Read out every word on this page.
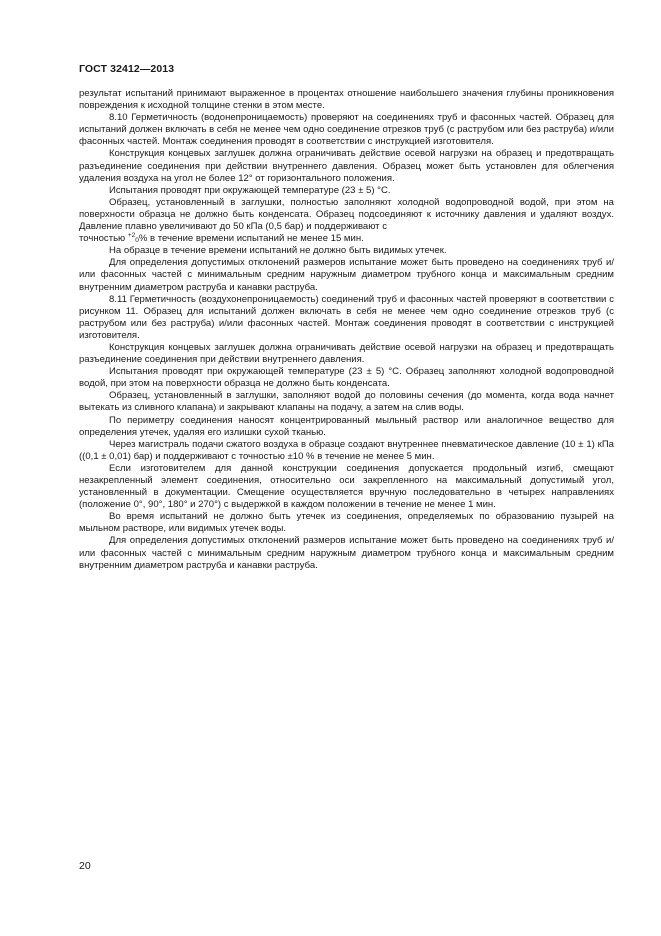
ГОСТ 32412—2013

результат испытаний принимают выраженное в процентах отношение наибольшего значения глубины проникновения повреждения к исходной толщине стенки в этом месте.

8.10 Герметичность (водонепроницаемость) проверяют на соединениях труб и фасонных частей. Образец для испытаний должен включать в себя не менее чем одно соединение отрезков труб (с раструбом или без раструба) и/или фасонных частей. Монтаж соединения проводят в соответствии с инструкцией изготовителя.

Конструкция концевых заглушек должна ограничивать действие осевой нагрузки на образец и предотвращать разъединение соединения при действии внутреннего давления. Образец может быть установлен для облегчения удаления воздуха на угол не более 12° от горизонтального положения.

Испытания проводят при окружающей температуре (23 ± 5) °С.

Образец, установленный в заглушки, полностью заполняют холодной водопроводной водой, при этом на поверхности образца не должно быть конденсата. Образец подсоединяют к источнику давления и удаляют воздух. Давление плавно увеличивают до 50 кПа (0,5 бар) и поддерживают с

точностью $^{+2}_0$% в течение времени испытаний не менее 15 мин.

На образце в течение времени испытаний не должно быть видимых утечек.

Для определения допустимых отклонений размеров испытание может быть проведено на соединениях труб и/или фасонных частей с минимальным средним наружным диаметром трубного конца и максимальным средним внутренним диаметром раструба и канавки раструба.

8.11 Герметичность (воздухонепроницаемость) соединений труб и фасонных частей проверяют в соответствии с рисунком 11. Образец для испытаний должен включать в себя не менее чем одно соединение отрезков труб (с раструбом или без раструба) и/или фасонных частей. Монтаж соединения проводят в соответствии с инструкцией изготовителя.

Конструкция концевых заглушек должна ограничивать действие осевой нагрузки на образец и предотвращать разъединение соединения при действии внутреннего давления.

Испытания проводят при окружающей температуре (23 ± 5) °С. Образец заполняют холодной водопроводной водой, при этом на поверхности образца не должно быть конденсата.

Образец, установленный в заглушки, заполняют водой до половины сечения (до момента, когда вода начнет вытекать из сливного клапана) и закрывают клапаны на подачу, а затем на слив воды.

По периметру соединения наносят концентрированный мыльный раствор или аналогичное вещество для определения утечек, удаляя его излишки сухой тканью.

Через магистраль подачи сжатого воздуха в образце создают внутреннее пневматическое давление (10 ± 1) кПа ((0,1 ± 0,01) бар) и поддерживают с точностью ±10 % в течение не менее 5 мин.

Если изготовителем для данной конструкции соединения допускается продольный изгиб, смещают незакрепленный элемент соединения, относительно оси закрепленного на максимальный допустимый угол, установленный в документации. Смещение осуществляется вручную последовательно в четырех направлениях (положение 0°, 90°, 180° и 270°) с выдержкой в каждом положении в течение не менее 1 мин.

Во время испытаний не должно быть утечек из соединения, определяемых по образованию пузырей на мыльном растворе, или видимых утечек воды.

Для определения допустимых отклонений размеров испытание может быть проведено на соединениях труб и/или фасонных частей с минимальным средним наружным диаметром трубного конца и максимальным средним внутренним диаметром раструба и канавки раструба.

20
